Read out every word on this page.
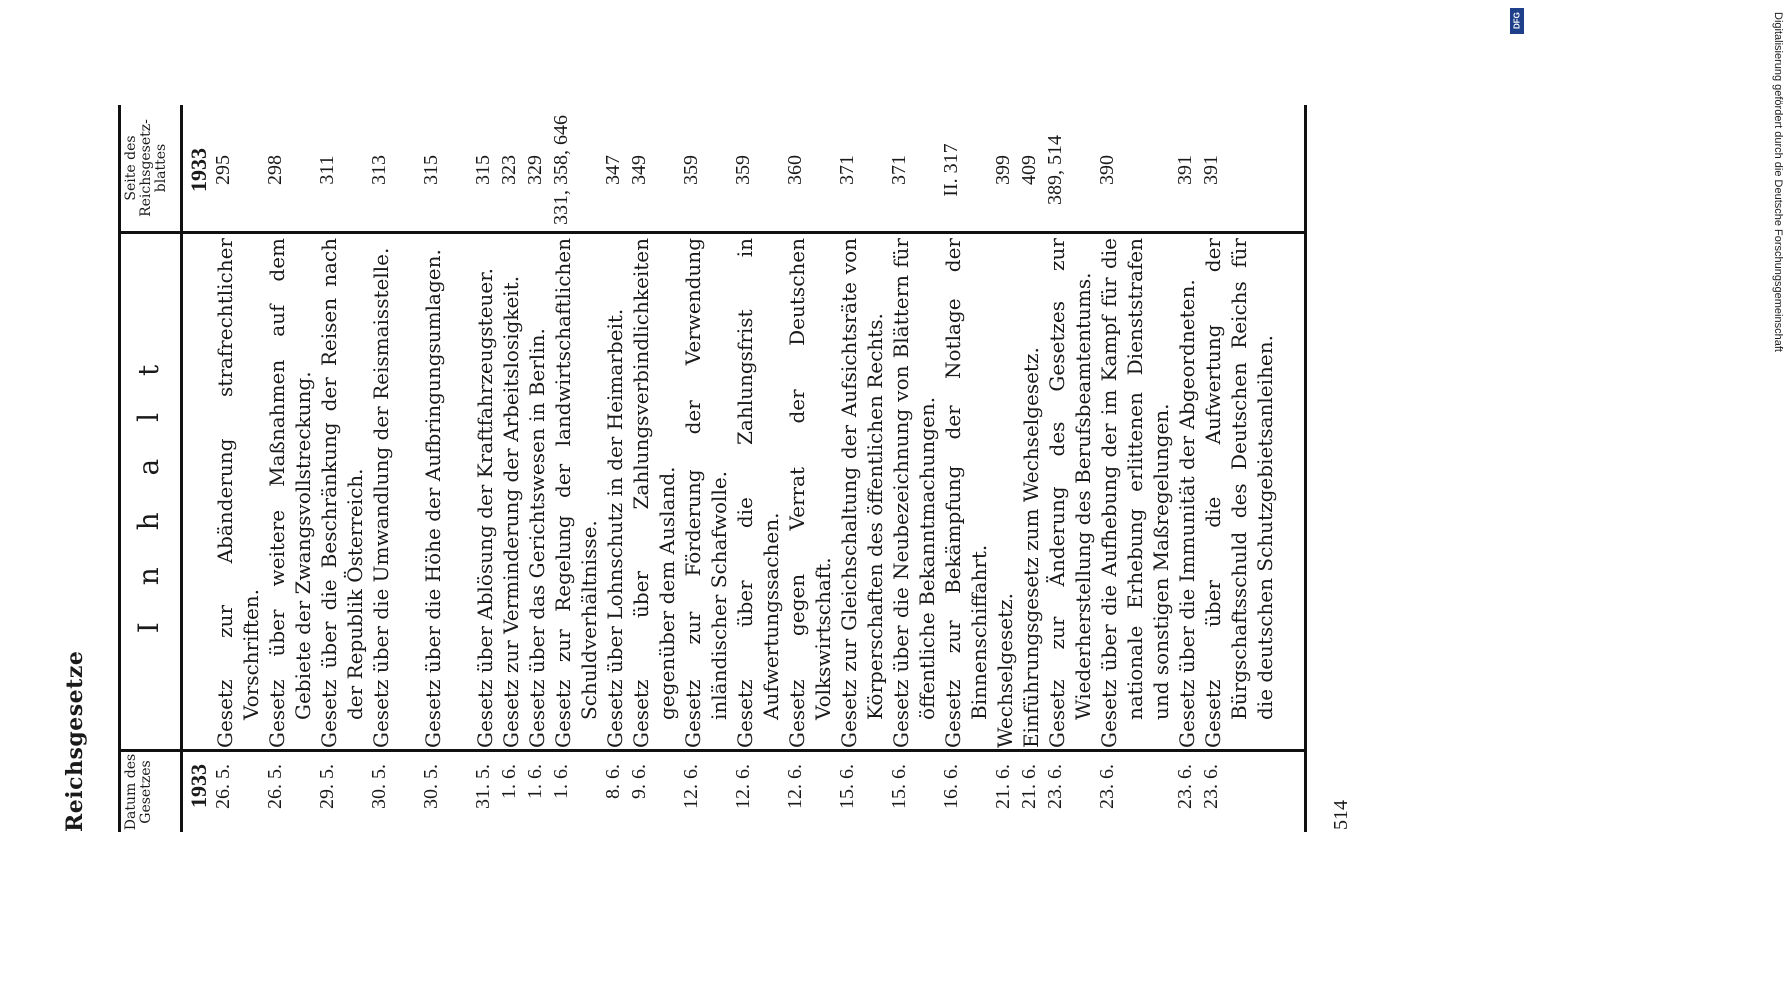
Reichsgesetze	Datum des Gesetzes
I n h a l t
Seite des Reichsgesetz-blattes
1933
1933
26. 5.
Gesetz zur Abänderung strafrechtlicher Vorschriften.
295
26. 5.
Gesetz über weitere Maßnahmen auf dem Gebiete der Zwangsvollstreckung.
298
29. 5.
Gesetz über die Beschränkung der Reisen nach der Republik Österreich.
311
30. 5.
Gesetz über die Umwandlung der Reismaisstelle.
313
30. 5.
Gesetz über die Höhe der Aufbringungsumlagen.
315
31. 5.
Gesetz über Ablösung der Kraftfahrzeugsteuer.
315
1. 6.
Gesetz zur Verminderung der Arbeitslosigkeit.
323
1. 6.
Gesetz über das Gerichtswesen in Berlin.
329
1. 6.
Gesetz zur Regelung der landwirtschaftlichen Schuldverhältnisse.
331, 358, 646
8. 6.
Gesetz über Lohnschutz in der Heimarbeit.
347
9. 6.
Gesetz über Zahlungsverbindlichkeiten gegenüber dem Ausland.
349
12. 6.
Gesetz zur Förderung der Verwendung inländischer Schafwolle.
359
12. 6.
Gesetz über die Zahlungsfrist in Aufwertungssachen.
359
12. 6.
Gesetz gegen Verrat der Deutschen Volkswirtschaft.
360
15. 6.
Gesetz zur Gleichschaltung der Aufsichtsräte von Körperschaften des öffentlichen Rechts.
371
15. 6.
Gesetz über die Neubezeichnung von Blättern für öffentliche Bekanntmachungen.
371
16. 6.
Gesetz zur Bekämpfung der Notlage der Binnenschiffahrt.
II. 317
21. 6.
Wechselgesetz.
399
21. 6.
Einführungsgesetz zum Wechselgesetz.
409
23. 6.
Gesetz zur Änderung des Gesetzes zur Wiederherstellung des Berufsbeamtentums.
389, 514
23. 6.
Gesetz über die Aufhebung der im Kampf für die nationale Erhebung erlittenen Dienststrafen und sonstigen Maßregelungen.
390
23. 6.
Gesetz über die Immunität der Abgeordneten.
391
23. 6.
Gesetz über die Aufwertung der Bürgschaftsschuld des Deutschen Reichs für die deutschen Schutzgebietsanleihen.
391
514
DFG	Digitalisierung gefördert durch die Deutsche Forschungsgemeinschaft
